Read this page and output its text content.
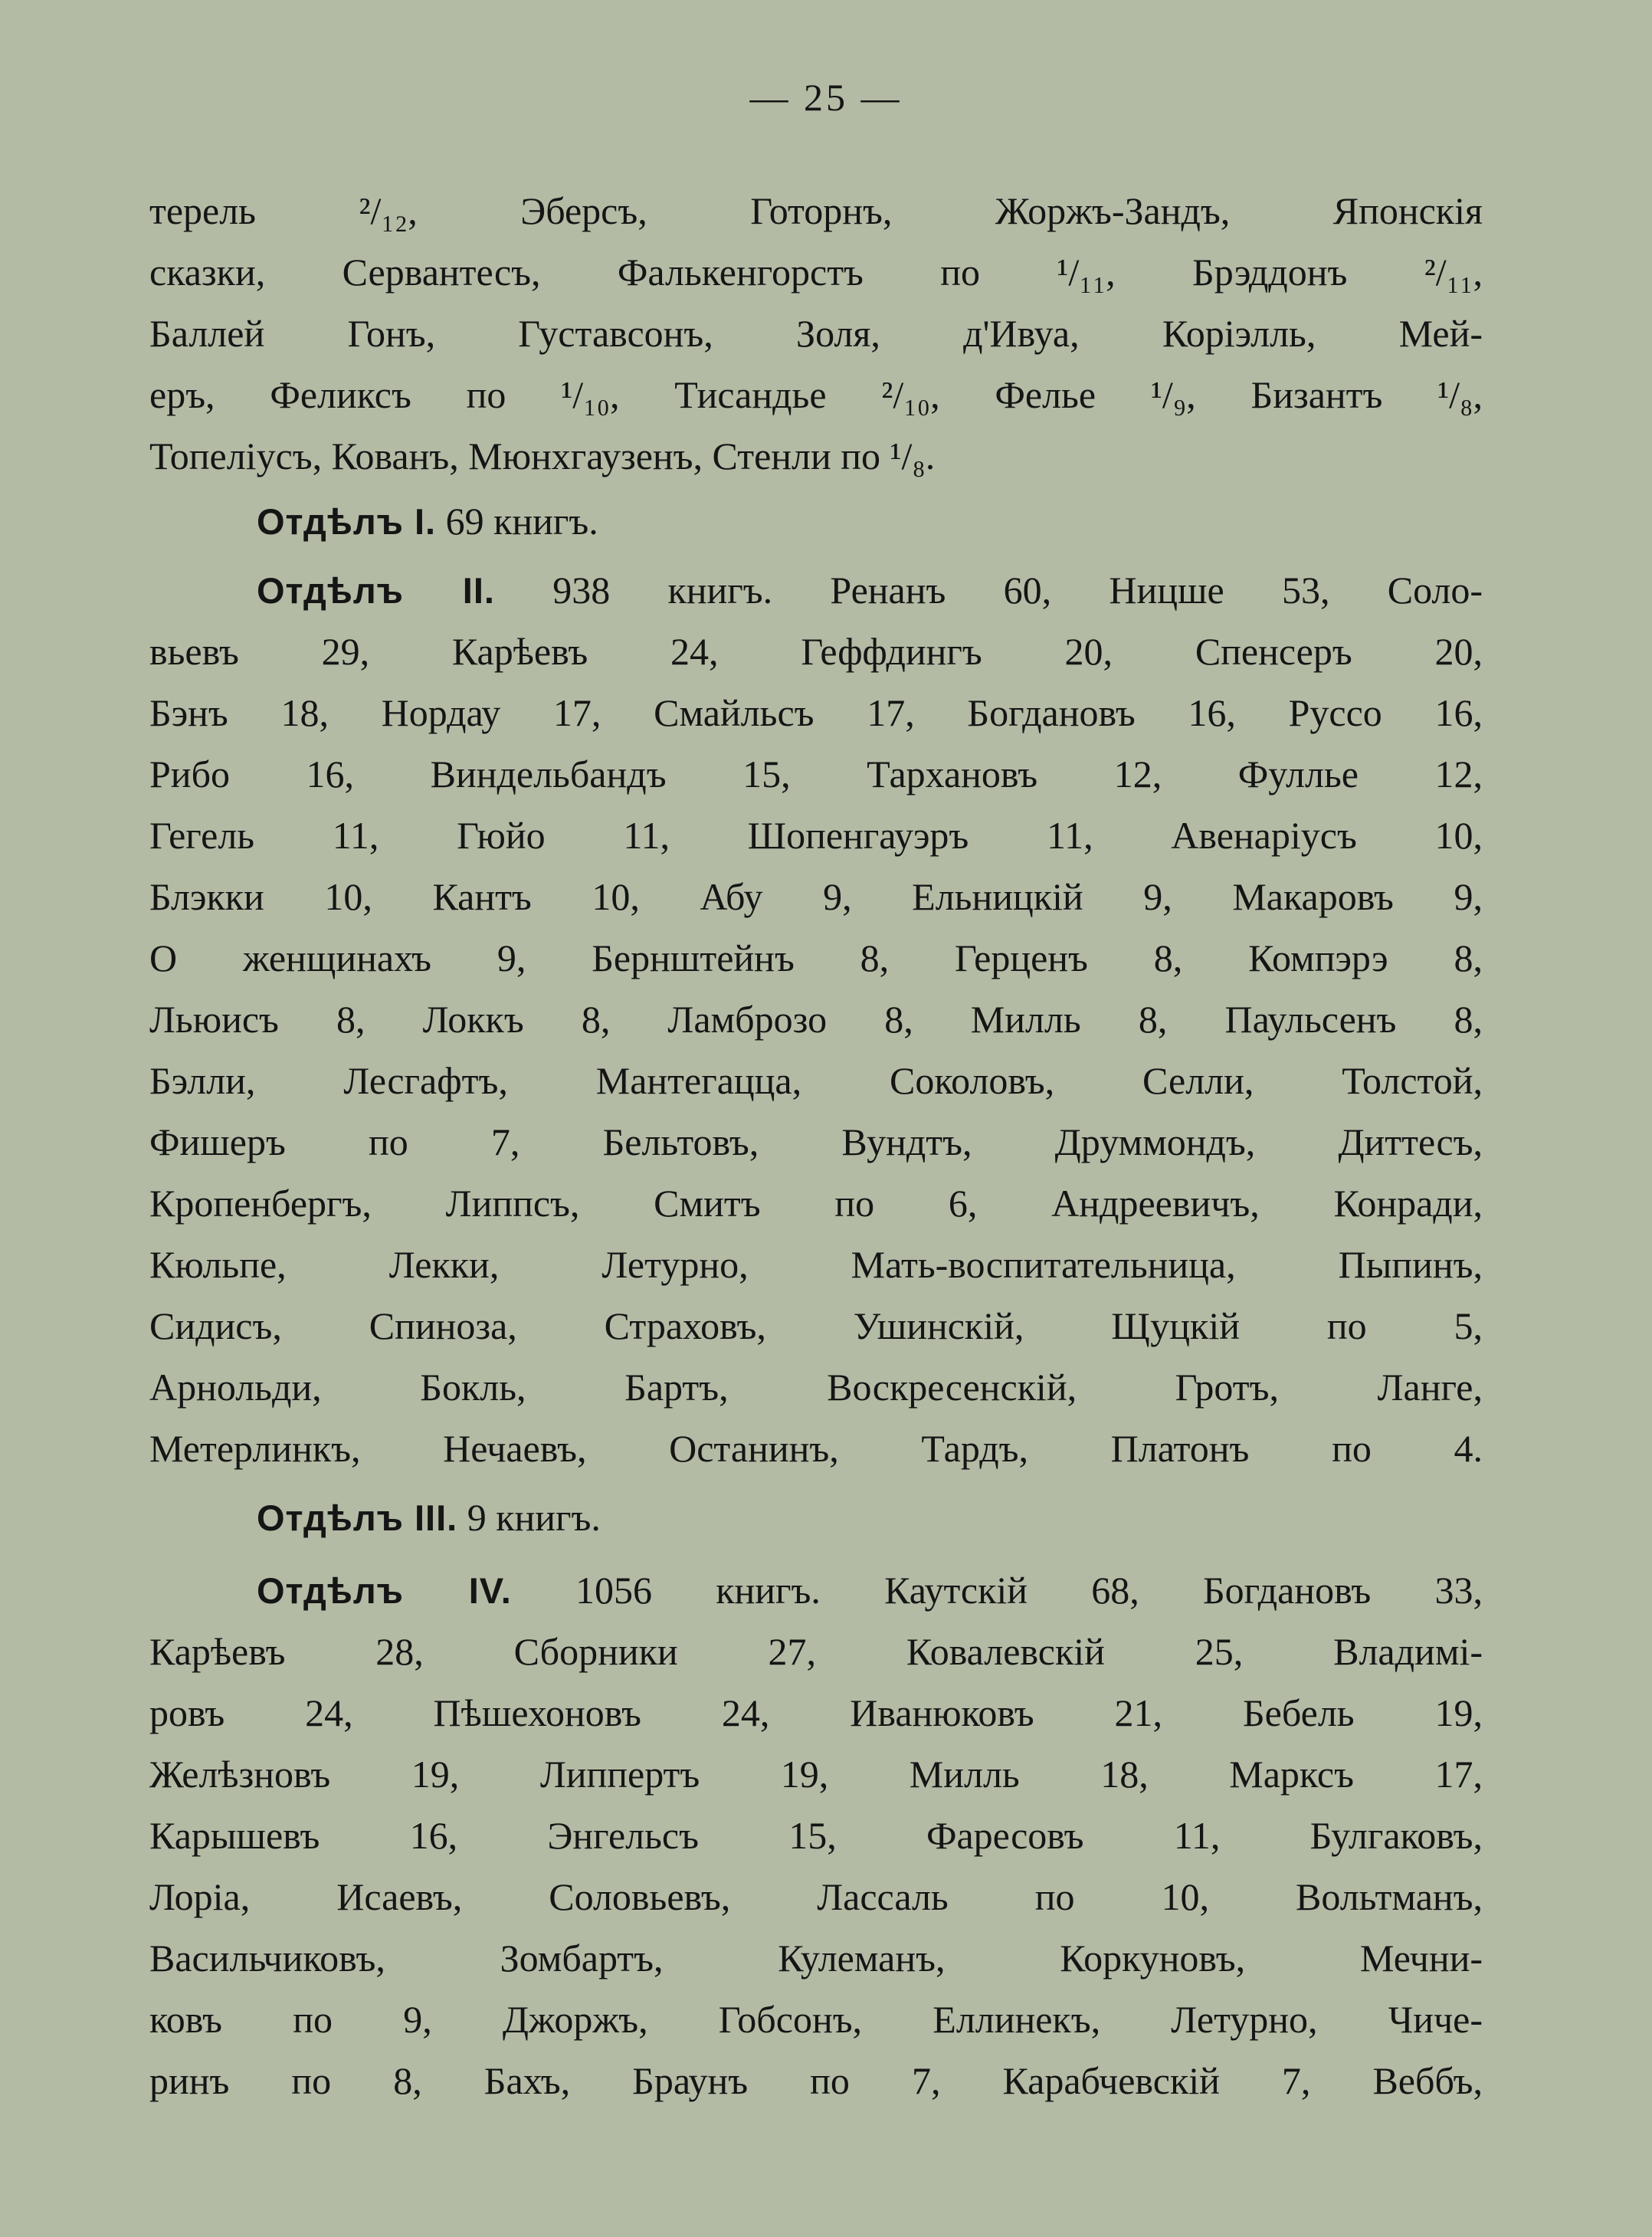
— 25 —
терель ²/₁₂, Эберсъ, Готорнъ, Жоржъ-Зандъ, Японскія
сказки, Сервантесъ, Фалькенгорстъ по ¹/₁₁, Брэддонъ ²/₁₁,
Баллей Гонъ, Густавсонъ, Золя, д'Ивуа, Коріэлль, Мей-
еръ, Феликсъ по ¹/₁₀, Тисандье ²/₁₀, Фелье ¹/₉, Бизантъ ¹/₈,
Топеліусъ, Кованъ, Мюнхгаузенъ, Стенли по ¹/₈.
Отдѣлъ I. 69 книгъ.
Отдѣлъ II. 938 книгъ. Ренанъ 60, Ницше 53, Соло-
вьевъ 29, Карѣевъ 24, Геффдингъ 20, Спенсеръ 20,
Бэнъ 18, Нордау 17, Смайльсъ 17, Богдановъ 16, Руссо 16,
Рибо 16, Виндельбандъ 15, Тархановъ 12, Фуллье 12,
Гегель 11, Гюйо 11, Шопенгауэръ 11, Авенаріусъ 10,
Блэкки 10, Кантъ 10, Абу 9, Ельницкій 9, Макаровъ 9,
О женщинахъ 9, Бернштейнъ 8, Герценъ 8, Компэрэ 8,
Льюисъ 8, Локкъ 8, Ламброзо 8, Милль 8, Паульсенъ 8,
Бэлли, Лесгафтъ, Мантегацца, Соколовъ, Селли, Толстой,
Фишеръ по 7, Бельтовъ, Вундтъ, Друммондъ, Диттесъ,
Кропенбергъ, Липпсъ, Смитъ по 6, Андреевичъ, Конради,
Кюльпе, Лекки, Летурно, Мать-воспитательница, Пыпинъ,
Сидисъ, Спиноза, Страховъ, Ушинскій, Щуцкій по 5,
Арнольди, Бокль, Бартъ, Воскресенскій, Гротъ, Ланге,
Метерлинкъ, Нечаевъ, Останинъ, Тардъ, Платонъ по 4.
Отдѣлъ III. 9 книгъ.
Отдѣлъ IV. 1056 книгъ. Каутскій 68, Богдановъ 33,
Карѣевъ 28, Сборники 27, Ковалевскій 25, Владимі-
ровъ 24, Пѣшехоновъ 24, Иванюковъ 21, Бебель 19,
Желѣзновъ 19, Липпертъ 19, Милль 18, Марксъ 17,
Карышевъ 16, Энгельсъ 15, Фаресовъ 11, Булгаковъ,
Лоріа, Исаевъ, Соловьевъ, Лассаль по 10, Вольтманъ,
Васильчиковъ, Зомбартъ, Кулеманъ, Коркуновъ, Мечни-
ковъ по 9, Джоржъ, Гобсонъ, Еллинекъ, Летурно, Чиче-
ринъ по 8, Бахъ, Браунъ по 7, Карабчевскій 7, Веббъ,
